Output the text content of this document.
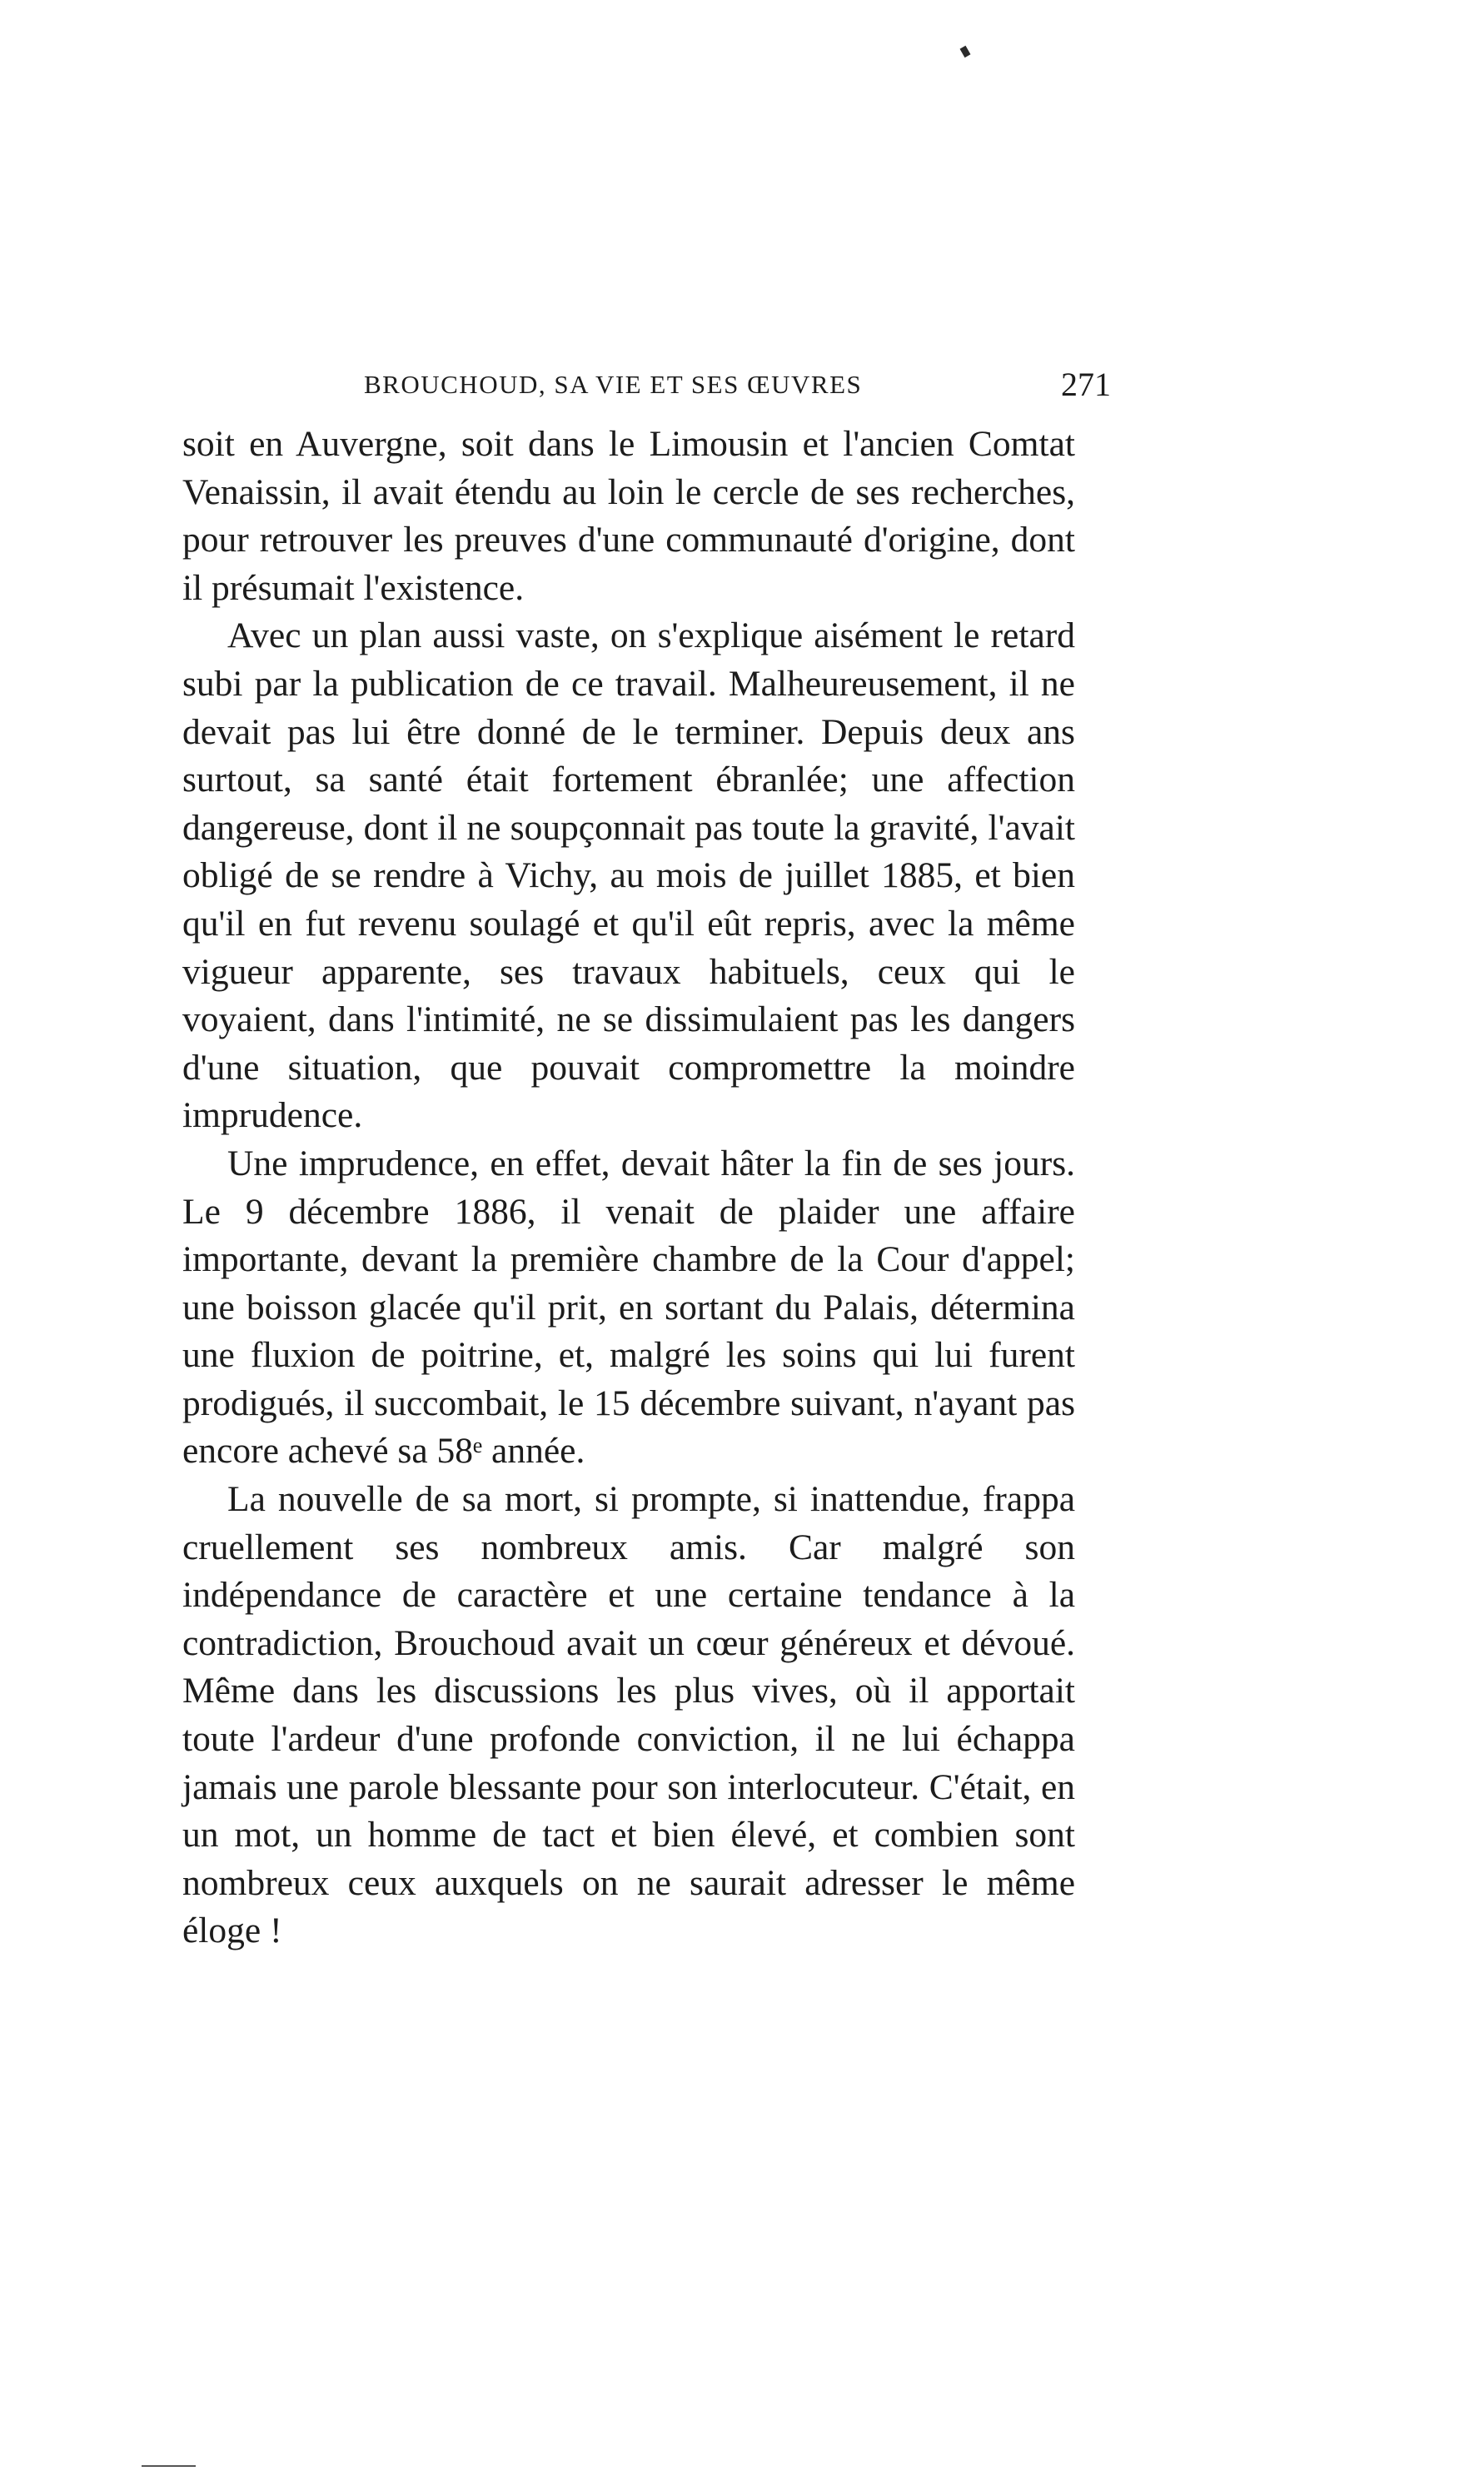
BROUCHOUD, SA VIE ET SES ŒUVRES	271

soit en Auvergne, soit dans le Limousin et l'ancien Comtat Venaissin, il avait étendu au loin le cercle de ses recherches, pour retrouver les preuves d'une communauté d'origine, dont il présumait l'existence.

Avec un plan aussi vaste, on s'explique aisément le retard subi par la publication de ce travail. Malheureusement, il ne devait pas lui être donné de le terminer. Depuis deux ans surtout, sa santé était fortement ébranlée; une affection dangereuse, dont il ne soupçonnait pas toute la gravité, l'avait obligé de se rendre à Vichy, au mois de juillet 1885, et bien qu'il en fut revenu soulagé et qu'il eût repris, avec la même vigueur apparente, ses travaux habituels, ceux qui le voyaient, dans l'intimité, ne se dissimulaient pas les dangers d'une situation, que pouvait compromettre la moindre imprudence.

Une imprudence, en effet, devait hâter la fin de ses jours. Le 9 décembre 1886, il venait de plaider une affaire importante, devant la première chambre de la Cour d'appel; une boisson glacée qu'il prit, en sortant du Palais, détermina une fluxion de poitrine, et, malgré les soins qui lui furent prodigués, il succombait, le 15 décembre suivant, n'ayant pas encore achevé sa 58ᵉ année.

La nouvelle de sa mort, si prompte, si inattendue, frappa cruellement ses nombreux amis. Car malgré son indépendance de caractère et une certaine tendance à la contradiction, Brouchoud avait un cœur généreux et dévoué. Même dans les discussions les plus vives, où il apportait toute l'ardeur d'une profonde conviction, il ne lui échappa jamais une parole blessante pour son interlocuteur. C'était, en un mot, un homme de tact et bien élevé, et combien sont nombreux ceux auxquels on ne saurait adresser le même éloge !
